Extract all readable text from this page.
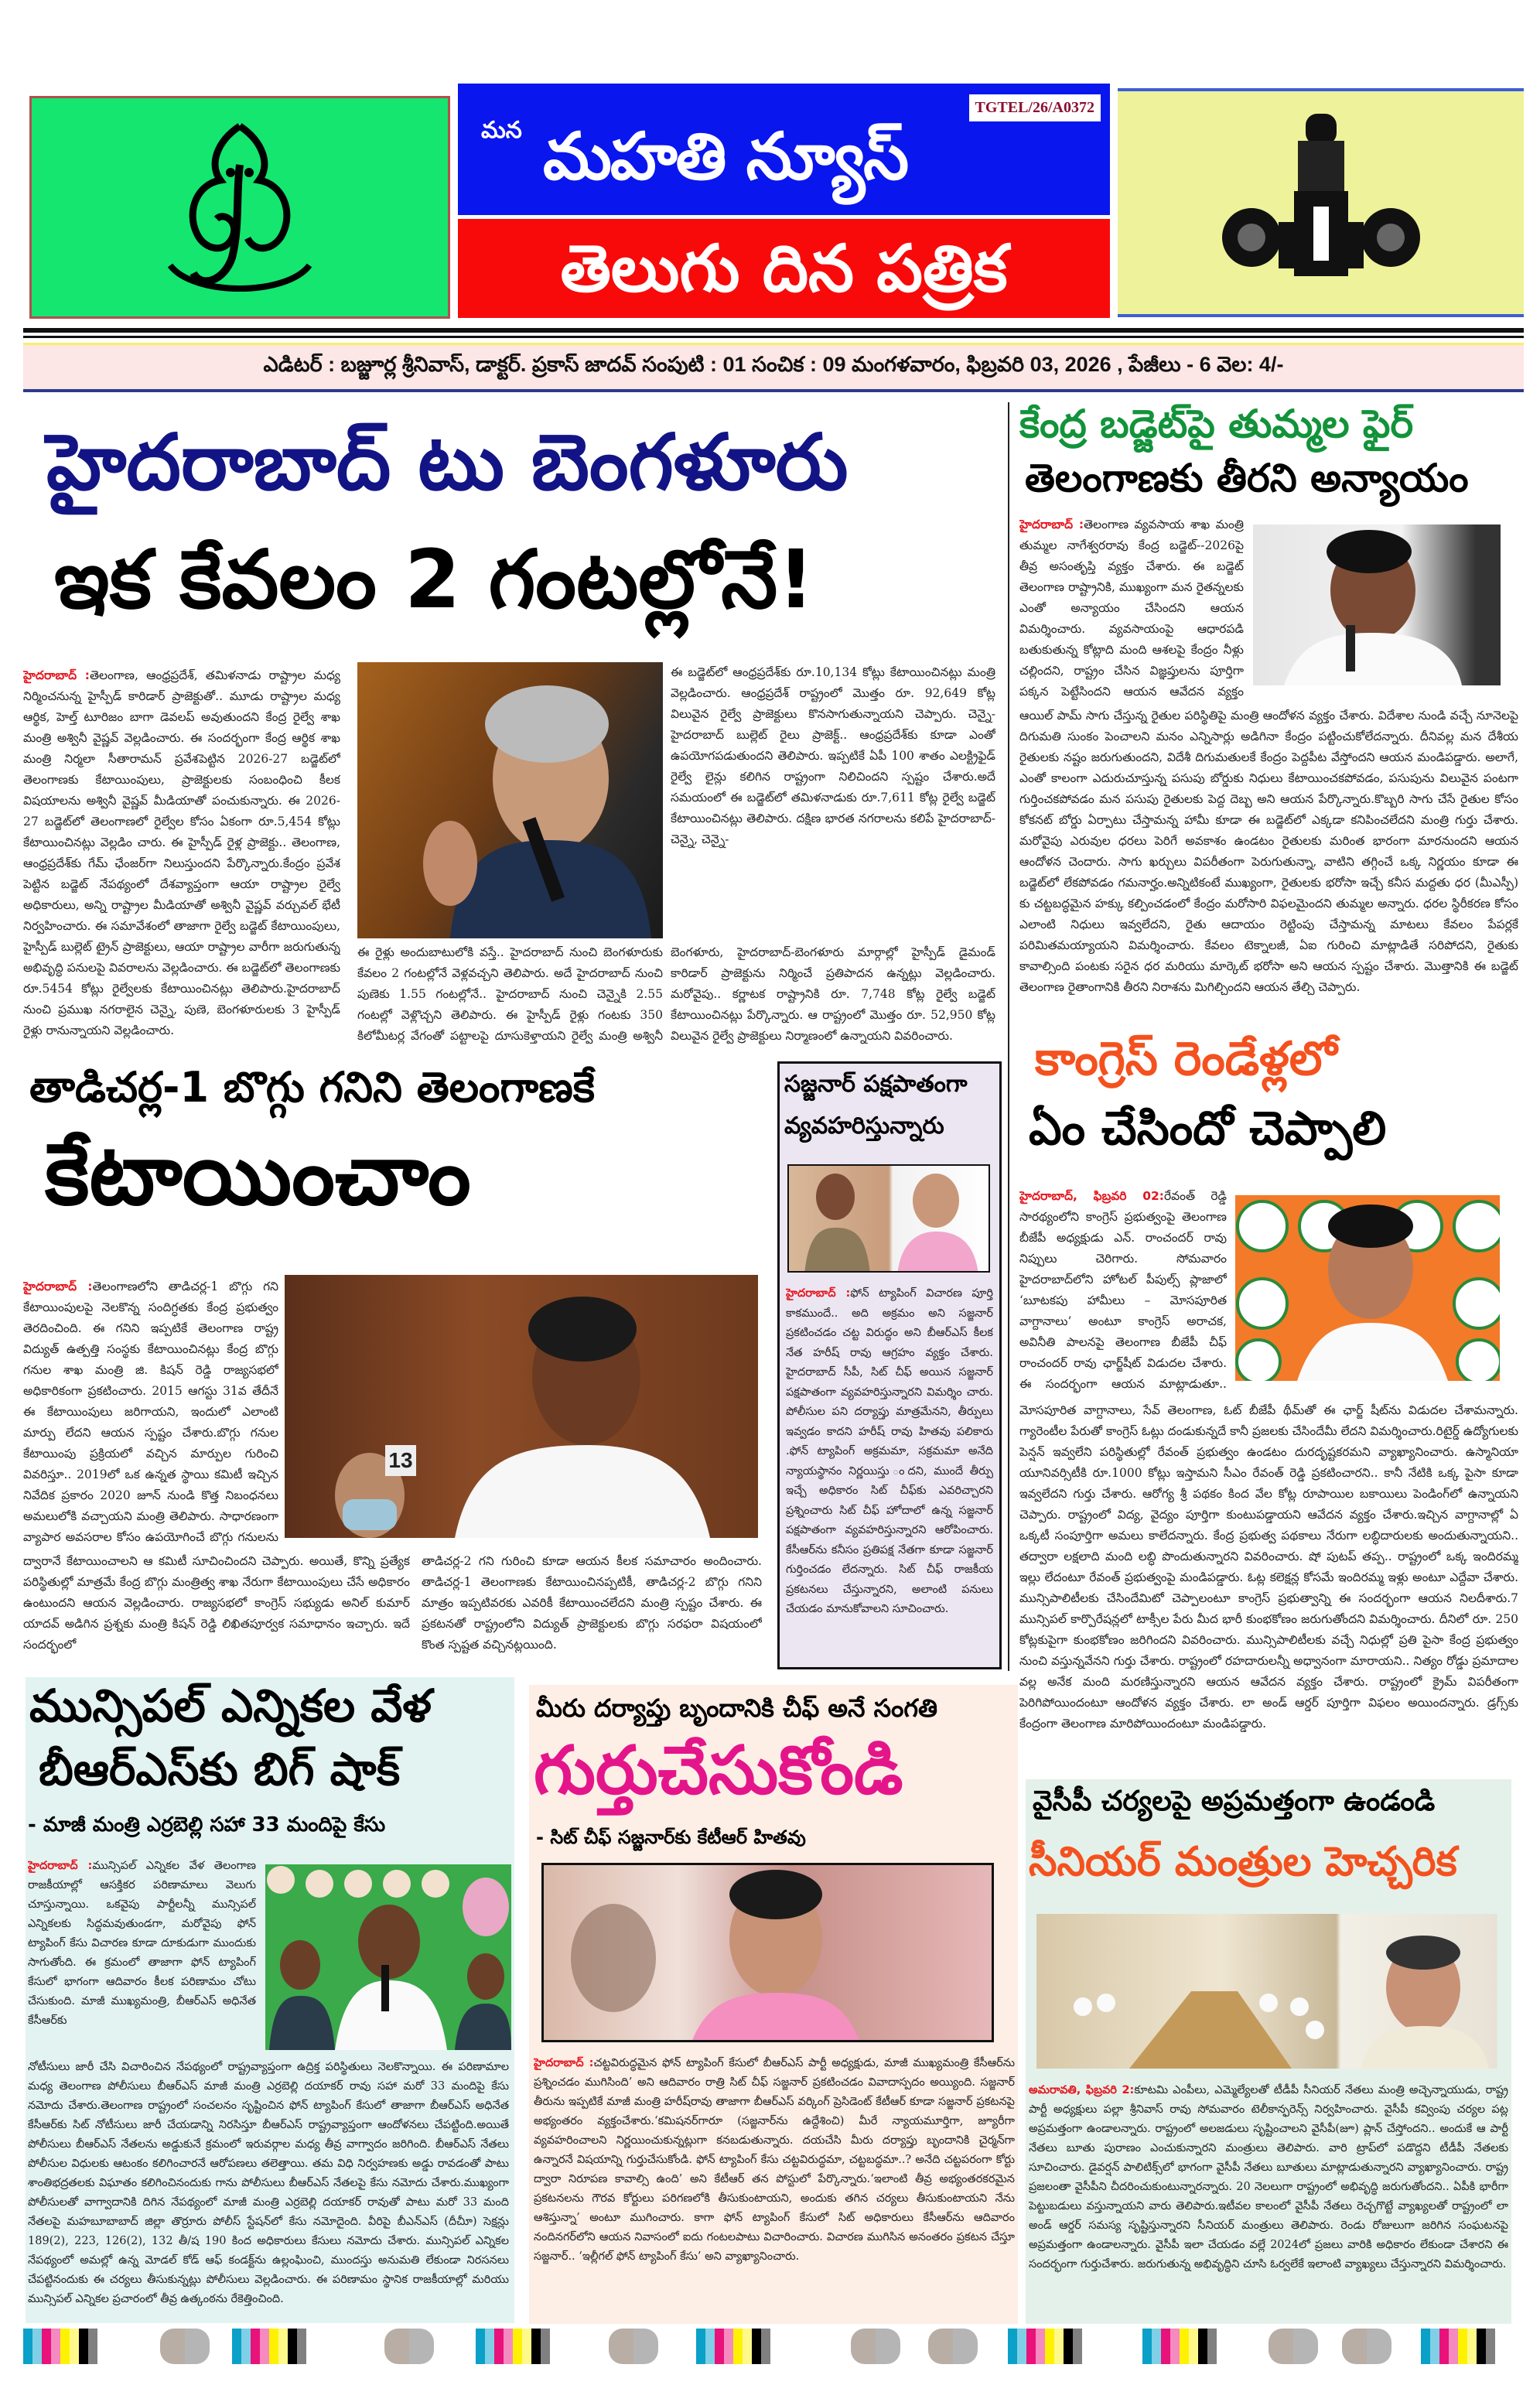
TGTEL/26/A0372
మన మహతి న్యూస్
తెలుగు దిన పత్రిక
ఎడిటర్ : బజ్జూర్ల శ్రీనివాస్, డాక్టర్. ప్రకాస్ జాదవ్ సంపుటి : 01 సంచిక : 09 మంగళవారం, ఫిబ్రవరి 03, 2026 , పేజీలు - 6 వెల: 4/-
హైదరాబాద్ టు బెంగళూరు
ఇక కేవలం 2 గంటల్లోనే!
హైదరాబాద్ :తెలంగాణ, ఆంధ్రప్రదేశ్, తమిళనాడు రాష్ట్రాల మధ్య నిర్మించనున్న హైస్పీడ్ కారిడార్ ప్రాజెక్టుతో.. మూడు రాష్ట్రాల మధ్య ఆర్థిక, హెల్త్ టూరిజం బాగా డెవలప్ అవుతుందని కేంద్ర రైల్వే శాఖ మంత్రి అశ్వినీ వైష్ణవ్ వెల్లడించారు. ఈ సందర్భంగా కేంద్ర ఆర్థిక శాఖ మంత్రి నిర్మలా సీతారామన్ ప్రవేశపెట్టిన 2026-27 బడ్జెట్‌లో తెలంగాణకు కేటాయింపులు, ప్రాజెక్టులకు సంబంధించి కీలక విషయాలను అశ్వినీ వైష్ణవ్ మీడియాతో పంచుకున్నారు. ఈ 2026-27 బడ్జెట్‌లో తెలంగాణలో రైల్వేల కోసం ఏకంగా రూ.5,454 కోట్లు కేటాయించినట్లు వెల్లడిం చారు. ఈ హైస్పీడ్ రైళ్ల ప్రాజెక్టు.. తెలంగాణ, ఆంధ్రప్రదేశ్‌కు గేమ్ ఛేంజర్‌గా నిలుస్తుందని పేర్కొన్నారు.కేంద్రం ప్రవేశ పెట్టిన బడ్జెట్ నేపథ్యంలో దేశవ్యాప్తంగా ఆయా రాష్ట్రాల రైల్వే అధికారులు, అన్ని రాష్ట్రాల మీడియాతో అశ్వినీ వైష్ణవ్ వర్చువల్ భేటీ నిర్వహించారు. ఈ సమావేశంలో తాజాగా రైల్వే బడ్జెట్ కేటాయింపులు, హైస్పీడ్ బుల్లెట్ ట్రైన్ ప్రాజెక్టులు, ఆయా రాష్ట్రాల వారీగా జరుగుతున్న అభివృద్ధి పనులపై వివరాలను వెల్లడించారు. ఈ బడ్జెట్‌లో తెలంగాణకు రూ.5454 కోట్లు రైల్వేలకు కేటాయించినట్లు తెలిపారు.హైదరాబాద్ నుంచి ప్రముఖ నగరాలైన చెన్నై, పుణె, బెంగళూరులకు 3 హైస్పీడ్ రైళ్లు రానున్నాయని వెల్లడించారు.
ఈ రైళ్లు అందుబాటులోకి వస్తే.. హైదరాబాద్ నుంచి బెంగళూరుకు కేవలం 2 గంటల్లోనే వెళ్లవచ్చని తెలిపారు. అదే హైదరాబాద్ నుంచి పుణెకు 1.55 గంటల్లోనే.. హైదరాబాద్ నుంచి చెన్నైకి 2.55 గంటల్లో వెళ్లొచ్చని తెలిపారు. ఈ హైస్పీడ్ రైళ్లు గంటకు 350 కిలోమీటర్ల వేగంతో పట్టాలపై దూసుకెళ్తాయని రైల్వే మంత్రి అశ్వినీ
ఈ బడ్జెట్‌లో ఆంధ్రప్రదేశ్‌కు రూ.10,134 కోట్లు కేటాయించినట్లు మంత్రి వెల్లడించారు. ఆంధ్రప్రదేశ్ రాష్ట్రంలో మొత్తం రూ. 92,649 కోట్ల విలువైన రైల్వే ప్రాజెక్టులు కొనసాగుతున్నాయని చెప్పారు. చెన్నై-హైదరాబాద్ బుల్లెట్ రైలు ప్రాజెక్ట్.. ఆంధ్రప్రదేశ్‌కు కూడా ఎంతో ఉపయోగపడుతుందని తెలిపారు. ఇప్పటికే ఏపీ 100 శాతం ఎలక్ట్రిఫైడ్ రైల్వే లైన్లు కలిగిన రాష్ట్రంగా నిలిచిందని స్పష్టం చేశారు.అదే సమయంలో ఈ బడ్జెట్‌లో తమిళనాడుకు రూ.7,611 కోట్ల రైల్వే బడ్జెట్ కేటాయించినట్లు తెలిపారు. దక్షిణ భారత నగరాలను కలిపే హైదరాబాద్-చెన్నై, చెన్నై-
బెంగళూరు, హైదరాబాద్-బెంగళూరు మార్గాల్లో హైస్పీడ్ డైమండ్ కారిడార్ ప్రాజెక్టును నిర్మించే ప్రతిపాదన ఉన్నట్లు వెల్లడించారు. మరోవైపు.. కర్ణాటక రాష్ట్రానికి రూ. 7,748 కోట్ల రైల్వే బడ్జెట్ కేటాయించినట్లు పేర్కొన్నారు. ఆ రాష్ట్రంలో మొత్తం రూ. 52,950 కోట్ల విలువైన రైల్వే ప్రాజెక్టులు నిర్మాణంలో ఉన్నాయని వివరించారు.
కేంద్ర బడ్జెట్‌పై తుమ్మల ఫైర్
తెలంగాణకు తీరని అన్యాయం
హైదరాబాద్ :తెలంగాణ వ్యవసాయ శాఖ మంత్రి తుమ్మల నాగేశ్వరరావు కేంద్ర బడ్జెట్--2026పై తీవ్ర అసంతృప్తి వ్యక్తం చేశారు. ఈ బడ్జెట్ తెలంగాణ రాష్ట్రానికి, ముఖ్యంగా మన రైతన్నలకు ఎంతో అన్యాయం చేసిందని ఆయన విమర్శించారు. వ్యవసాయంపై ఆధారపడి బతుకుతున్న కోట్లాది మంది ఆశలపై కేంద్రం నీళ్లు చల్లిందని, రాష్ట్రం చేసిన విజ్ఞప్తులను పూర్తిగా పక్కన పెట్టేసిందని ఆయన ఆవేదన వ్యక్తం
ఆయిల్ పామ్ సాగు చేస్తున్న రైతుల పరిస్థితిపై మంత్రి ఆందోళన వ్యక్తం చేశారు. విదేశాల నుండి వచ్చే నూనెలపై దిగుమతి సుంకం పెంచాలని మనం ఎన్నిసార్లు అడిగినా కేంద్రం పట్టించుకోలేదన్నారు. దీనివల్ల మన దేశీయ రైతులకు నష్టం జరుగుతుందని, విదేశీ దిగుమతులకే కేంద్రం పెద్దపీట వేస్తోందని ఆయన మండిపడ్డారు. అలాగే, ఎంతో కాలంగా ఎదురుచూస్తున్న పసుపు బోర్డుకు నిధులు కేటాయించకపోవడం, పసుపును విలువైన పంటగా గుర్తించకపోవడం మన పసుపు రైతులకు పెద్ద దెబ్బ అని ఆయన పేర్కొన్నారు.కొబ్బరి సాగు చేసే రైతుల కోసం కోకనట్ బోర్డు ఏర్పాటు చేస్తామన్న హామీ కూడా ఈ బడ్జెట్‌లో ఎక్కడా కనిపించలేదని మంత్రి గుర్తు చేశారు. మరోవైపు ఎరువుల ధరలు పెరిగే అవకాశం ఉండటం రైతులకు మరింత భారంగా మారనుందని ఆయన ఆందోళన చెందారు. సాగు ఖర్చులు విపరీతంగా పెరుగుతున్నా, వాటిని తగ్గించే ఒక్క నిర్ణయం కూడా ఈ బడ్జెట్‌లో లేకపోవడం గమనార్హం.అన్నిటికంటే ముఖ్యంగా, రైతులకు భరోసా ఇచ్చే కనీస మద్దతు ధర (మీఎస్పీ) కు చట్టబద్ధమైన హక్కు కల్పించడంలో కేంద్రం మరోసారి విఫలమైందని తుమ్మల అన్నారు. ధరల స్థిరీకరణ కోసం ఎలాంటి నిధులు ఇవ్వలేదని, రైతు ఆదాయం రెట్టింపు చేస్తామన్న మాటలు కేవలం పేపర్లకే పరిమితమయ్యాయని విమర్శించారు. కేవలం టెక్నాలజీ, ఏఐ గురించి మాట్లాడితే సరిపోదని, రైతుకు కావాల్సింది పంటకు సరైన ధర మరియు మార్కెట్ భరోసా అని ఆయన స్పష్టం చేశారు. మొత్తానికి ఈ బడ్జెట్ తెలంగాణ రైతాంగానికి తీరని నిరాశను మిగిల్చిందని ఆయన తేల్చి చెప్పారు.
తాడిచర్ల-1 బొగ్గు గనిని తెలంగాణకే
కేటాయించాం
హైదరాబాద్ :తెలంగాణలోని తాడిచర్ల-1 బొగ్గు గని కేటాయింపులపై నెలకొన్న సందిగ్ధతకు కేంద్ర ప్రభుత్వం తెరదించింది. ఈ గనిని ఇప్పటికే తెలంగాణ రాష్ట్ర విద్యుత్ ఉత్పత్తి సంస్థకు కేటాయించినట్లు కేంద్ర బొగ్గు గనుల శాఖ మంత్రి జి. కిషన్ రెడ్డి రాజ్యసభలో అధికారికంగా ప్రకటించారు. 2015 ఆగస్టు 31వ తేదీనే ఈ కేటాయింపులు జరిగాయని, ఇందులో ఎలాంటి మార్పు లేదని ఆయన స్పష్టం చేశారు.బొగ్గు గనుల కేటాయింపు ప్రక్రియలో వచ్చిన మార్పుల గురించి వివరిస్తూ.. 2019లో ఒక ఉన్నత స్థాయి కమిటీ ఇచ్చిన నివేదిక ప్రకారం 2020 జూన్ నుండి కొత్త నిబంధనలు అమలులోకి వచ్చాయని మంత్రి తెలిపారు. సాధారణంగా వ్యాపార అవసరాల కోసం ఉపయోగించే బొగ్గు గనులను
13
ద్వారానే కేటాయించాలని ఆ కమిటీ సూచించిందని చెప్పారు. అయితే, కొన్ని ప్రత్యేక పరిస్థితుల్లో మాత్రమే కేంద్ర బొగ్గు మంత్రిత్వ శాఖ నేరుగా కేటాయింపులు చేసే అధికారం ఉంటుందని ఆయన వెల్లడించారు. రాజ్యసభలో కాంగ్రెస్ సభ్యుడు అనిల్ కుమార్ యాదవ్ అడిగిన ప్రశ్నకు మంత్రి కిషన్ రెడ్డి లిఖితపూర్వక సమాధానం ఇచ్చారు. ఇదే సందర్భంలో
తాడిచర్ల-2 గని గురించి కూడా ఆయన కీలక సమాచారం అందించారు. తాడిచర్ల-1 తెలంగాణకు కేటాయించినప్పటికీ, తాడిచర్ల-2 బొగ్గు గనిని మాత్రం ఇప్పటివరకు ఎవరికీ కేటాయించలేదని మంత్రి స్పష్టం చేశారు. ఈ ప్రకటనతో రాష్ట్రంలోని విద్యుత్ ప్రాజెక్టులకు బొగ్గు సరఫరా విషయంలో కొంత స్పష్టత వచ్చినట్లయింది.
సజ్జనార్ పక్షపాతంగా
వ్యవహరిస్తున్నారు
హైదరాబాద్ :ఫోన్ ట్యాపింగ్ విచారణ పూర్తి కాకముందే.. అది అక్రమం అని సజ్జనార్ ప్రకటించడం చట్ట విరుద్ధం అని బీఆర్ఎస్ కీలక నేత హరీష్ రావు ఆగ్రహం వ్యక్తం చేశారు. హైదరాబాద్ సీపీ, సిట్ చీఫ్ అయిన సజ్జనార్ పక్షపాతంగా వ్యవహరిస్తున్నారని విమర్శిం చారు. పోలీసుల పని దర్యాప్తు మాత్రమేనని, తీర్పులు ఇవ్వడం కాదని హరీష్ రావు హితవు పలికారు .ఫోన్ ట్యాపింగ్ అక్రమమా, సక్రమమా అనేది న్యాయస్థానం నిర్ణయిస్తు ందని, ముందే తీర్పు ఇచ్చే అధికారం సిట్ చీఫ్‌కు ఎవరిచ్చారని ప్రశ్నించారు సిట్ చీఫ్ హోదాలో ఉన్న సజ్జనార్ పక్షపాతంగా వ్యవహరిస్తున్నారని ఆరోపించారు. కేసీఆర్‌ను కనీసం ప్రతిపక్ష నేతగా కూడా సజ్జనార్ గుర్తించడం లేదన్నారు. సిట్ చీఫ్ రాజకీయ ప్రకటనలు చేస్తున్నారని, అలాంటి పనులు చేయడం మానుకోవాలని సూచించారు.
కాంగ్రెస్ రెండేళ్లలో
ఏం చేసిందో చెప్పాలి
హైదరాబాద్, ఫిబ్రవరి 02:రేవంత్ రెడ్డి సారథ్యంలోని కాంగ్రెస్ ప్రభుత్వంపై తెలంగాణ బీజేపీ అధ్యక్షుడు ఎన్. రాంచందర్ రావు నిప్పులు చెరిగారు. సోమవారం హైదరాబాద్‌లోని హోటల్ పీపుల్స్ ప్లాజాలో ‘బూటకపు హామీలు – మోసపూరిత వాగ్దానాలు’ అంటూ కాంగ్రెస్ అరాచక, అవినీతి పాలనపై తెలంగాణ బీజేపీ చీఫ్ రాంచందర్ రావు ఛార్జ్‌షీట్ విడుదల చేశారు. ఈ సందర్భంగా ఆయన మాట్లాడుతూ..
మోసపూరిత వాగ్దానాలు, సేవ్ తెలంగాణ, ఓట్ బీజేపీ థీమ్‌తో ఈ ఛార్జ్ షీట్‌ను విడుదల చేశామన్నారు. గ్యారెంటీల పేరుతో కాంగ్రెస్ ఓట్లు దండుకున్నదే కానీ ప్రజలకు చేసిందేమీ లేదని విమర్శించారు.రిటైర్డ్ ఉద్యోగులకు పెన్షన్ ఇవ్వలేని పరిస్థితుల్లో రేవంత్ ప్రభుత్వం ఉండటం దురదృష్టకరమని వ్యాఖ్యానించారు. ఉస్మానియా యూనివర్సిటీకి రూ.1000 కోట్లు ఇస్తామని సీఎం రేవంత్ రెడ్డి ప్రకటించారని.. కానీ నేటికి ఒక్క పైసా కూడా ఇవ్వలేదని గుర్తు చేశారు. ఆరోగ్య శ్రీ పథకం కింద వేల కోట్ల రూపాయిల బకాయిలు పెండింగ్‌లో ఉన్నాయని చెప్పారు. రాష్ట్రంలో విద్య, వైద్యం పూర్తిగా కుంటుపడ్డాయని ఆవేదన వ్యక్తం చేశారు.ఇచ్చిన వాగ్దానాల్లో ఏ ఒక్కటీ సంపూర్తిగా అమలు కాలేదన్నారు. కేంద్ర ప్రభుత్వ పథకాలు నేరుగా లబ్ధిదారులకు అందుతున్నాయని.. తద్వారా లక్షలాది మంది లబ్ధి పొందుతున్నారని వివరించారు. షో పుటప్ తప్ప.. రాష్ట్రంలో ఒక్క ఇందిరమ్మ ఇల్లు లేదంటూ రేవంత్ ప్రభుత్వంపై మండిపడ్డారు. ఓట్ల కలెక్షన్ల కోసమే ఇందిరమ్మ ఇళ్లు అంటూ ఎద్దేవా చేశారు. మున్సిపాలిటీలకు చేసిందేమిటో చెప్పాలంటూ కాంగ్రెస్ ప్రభుత్వాన్ని ఈ సందర్భంగా ఆయన నిలదీశారు.7 మున్సిపల్ కార్పొరేషన్లలో టాక్సీల పేరు మీద భారీ కుంభకోణం జరుగుతోందని విమర్శించారు. దీనిలో రూ. 250 కోట్లకుపైగా కుంభకోణం జరిగిందని వివరించారు. మున్సిపాలిటీలకు వచ్చే నిధుల్లో ప్రతి పైసా కేంద్ర ప్రభుత్వం నుంచి వస్తున్నవేనని గుర్తు చేశారు. రాష్ట్రంలో రహదారులన్నీ అధ్వానంగా మారాయని.. నిత్యం రోడ్డు ప్రమాదాల వల్ల అనేక మంది మరణిస్తున్నారని ఆయన ఆవేదన వ్యక్తం చేశారు. రాష్ట్రంలో క్రైమ్ విపరీతంగా పెరిగిపోయిందంటూ ఆందోళన వ్యక్తం చేశారు. లా అండ్ ఆర్డర్ పూర్తిగా విఫలం అయిందన్నారు. డ్రగ్స్‌కు కేంద్రంగా తెలంగాణ మారిపోయిందంటూ మండిపడ్డారు.
మున్సిపల్ ఎన్నికల వేళ
బీఆర్ఎస్‌కు బిగ్ షాక్
- మాజీ మంత్రి ఎర్రబెల్లి సహా 33 మందిపై కేసు
హైదరాబాద్ :మున్సిపల్ ఎన్నికల వేళ తెలంగాణ రాజకీయాల్లో ఆసక్తికర పరిణామాలు వెలుగు చూస్తున్నాయి. ఒకవైపు పార్టీలన్నీ మున్సిపల్ ఎన్నికలకు సిద్ధమవుతుండగా, మరోవైపు ఫోన్ ట్యాపింగ్ కేసు విచారణ కూడా దూకుడుగా ముందుకు సాగుతోంది. ఈ క్రమంలో తాజాగా ఫోన్ ట్యాపింగ్ కేసులో భాగంగా ఆదివారం కీలక పరిణామం చోటు చేసుకుంది. మాజీ ముఖ్యమంత్రి, బీఆర్ఎస్ అధినేత కేసీఆర్‌కు
నోటీసులు జారీ చేసి విచారించిన నేపథ్యంలో రాష్ట్రవ్యాప్తంగా ఉద్రిక్త పరిస్థితులు నెలకొన్నాయి. ఈ పరిణామాల మధ్య తెలంగాణ పోలీసులు బీఆర్ఎస్ మాజీ మంత్రి ఎర్రబెల్లి దయాకర్ రావు సహా మరో 33 మందిపై కేసు నమోదు చేశారు.తెలంగాణ రాష్ట్రంలో సంచలనం సృష్టించిన ఫోన్ ట్యాపింగ్ కేసులో తాజాగా బీఆర్ఎస్ అధినేత కేసీఆర్‌కు సిట్ నోటీసులు జారీ చేయడాన్ని నిరసిస్తూ బీఆర్ఎస్ రాష్ట్రవ్యాప్తంగా ఆందోళనలు చేపట్టింది.అయితే పోలీసులు బీఆర్ఎస్ నేతలను అడ్డుకునే క్రమంలో ఇరువర్గాల మధ్య తీవ్ర వాగ్వాదం జరిగింది. బీఆర్ఎస్ నేతలు పోలీసుల విధులకు ఆటంకం కలిగించారనే ఆరోపణలు తలెత్తాయి. తమ విధి నిర్వహణకు అడ్డు రావడంతో పాటు శాంతిభద్రతలకు విఘాతం కలిగించినందుకు గాను పోలీసులు బీఆర్ఎస్ నేతలపై కేసు నమోదు చేశారు.ముఖ్యంగా పోలీసులతో వాగ్వాదానికి దిగిన నేపథ్యంలో మాజీ మంత్రి ఎర్రబెల్లి దయాకర్ రావుతో పాటు మరో 33 మంది నేతలపై మహబూబాబాద్ జిల్లా తొర్రూరు పోలీస్ స్టేషన్‌లో కేసు నమోదైంది. వీరిపై బీఎన్ఎస్ (దీచీూ) సెక్షన్లు 189(2), 223, 126(2), 132 తీ/ష 190 కింద అధికారులు కేసులు నమోదు చేశారు. మున్సిపల్ ఎన్నికల నేపథ్యంలో అమల్లో ఉన్న మోడల్ కోడ్ ఆఫ్ కండక్ట్‌ను ఉల్లంఘించి, ముందస్తు అనుమతి లేకుండా నిరసనలు చేపట్టినందుకు ఈ చర్యలు తీసుకున్నట్లు పోలీసులు వెల్లడించారు. ఈ పరిణామం స్థానిక రాజకీయాల్లో మరియు మున్సిపల్ ఎన్నికల ప్రచారంలో తీవ్ర ఉత్కంఠను రేకెత్తించింది.
మీరు దర్యాప్తు బృందానికి చీఫ్ అనే సంగతి
గుర్తుచేసుకోండి
- సిట్ చీఫ్ సజ్జనార్‌కు కేటీఆర్ హితవు
హైదరాబాద్ :చట్టవిరుద్ధమైన ఫోన్ ట్యాపింగ్ కేసులో బీఆర్ఎస్ పార్టీ అధ్యక్షుడు, మాజీ ముఖ్యమంత్రి కేసీఆర్‌ను ప్రశ్నించడం ముగిసింది’ అని ఆదివారం రాత్రి సిట్ చీఫ్ సజ్జనార్ ప్రకటించడం వివాదాస్పదం అయ్యింది. సజ్జనార్ తీరును ఇప్పటికే మాజీ మంత్రి హరీష్‌రావు తాజాగా బీఆర్ఎస్ వర్కింగ్ ప్రెసిడెంట్ కేటీఆర్ కూడా సజ్జనార్ ప్రకటనపై అభ్యంతరం వ్యక్తంచేశారు.‘కమిషనర్‌గారూ (సజ్జనార్‌ను ఉద్దేశించి) మీరే న్యాయమూర్తిగా, జ్యూరీగా వ్యవహరించాలని నిర్ణయించుకున్నట్లుగా కనబడుతున్నారు. దయచేసి మీరు దర్యాప్తు బృందానికి చైర్మన్‌గా ఉన్నారనే విషయాన్ని గుర్తుచేసుకోండి. ఫోన్ ట్యాపింగ్ కేసు చట్టవిరుద్ధమా, చట్టబద్ధమా..? అనేది చట్టపరంగా కోర్టు ద్వారా నిరూపణ కావాల్సి ఉంది’ అని కేటీఆర్ తన పోస్టులో పేర్కొన్నారు.‘ఇలాంటి తీవ్ర అభ్యంతరకరమైన ప్రకటనలను గౌరవ కోర్టులు పరిగణలోకి తీసుకుంటాయని, అందుకు తగిన చర్యలు తీసుకుంటాయని నేను ఆశిస్తున్నా’ అంటూ ముగించారు. కాగా ఫోన్ ట్యాపింగ్ కేసులో సిట్ అధికారులు కేసీఆర్‌ను ఆదివారం నందినగర్‌లోని ఆయన నివాసంలో ఐదు గంటలపాటు విచారించారు. విచారణ ముగిసిన అనంతరం ప్రకటన చేస్తూ సజ్జనార్.. ‘ఇల్లీగల్ ఫోన్ ట్యాపింగ్ కేసు’ అని వ్యాఖ్యానించారు.
వైసీపీ చర్యలపై అప్రమత్తంగా ఉండండి
సీనియర్ మంత్రుల హెచ్చరిక
అమరావతి, ఫిబ్రవరి 2:కూటమి ఎంపీలు, ఎమ్మెల్యేలతో టీడీపీ సీనియర్ నేతలు మంత్రి అచ్చెన్నాయుడు, రాష్ట్ర పార్టీ అధ్యక్షులు పల్లా శ్రీనివాస్ రావు సోమవారం టెలీకాన్ఫరెన్స్ నిర్వహించారు. వైసీపీ కవ్వింపు చర్యల పట్ల అప్రమత్తంగా ఉండాలన్నారు. రాష్ట్రంలో అలజడులు సృష్టించాలని వైసీపీ(జూ) ప్లాన్ చేస్తోందని.. అందుకే ఆ పార్టీ నేతలు బూతు పురాణం ఎంచుకున్నారని మంత్రులు తెలిపారు. వారి ట్రాప్‌లో పడొద్దని టీడీపీ నేతలకు సూచించారు. డైవర్షన్ పాలిటిక్స్‌లో భాగంగా వైసీపీ నేతలు బూతులు మాట్లాడుతున్నారని వ్యాఖ్యానించారు. రాష్ట్ర ప్రజలంతా వైసీపీని చీదరించుకుంటున్నారన్నారు. 20 నెలలుగా రాష్ట్రంలో అభివృద్ధి జరుగుతోందని.. ఏపీకి భారీగా పెట్టుబడులు వస్తున్నాయని వారు తెలిపారు.ఇటీవల కాలంలో వైసీపీ నేతలు రెచ్చగొట్టే వ్యాఖ్యలతో రాష్ట్రంలో లా అండ్ ఆర్డర్ సమస్య సృష్టిస్తున్నారని సీనియర్ మంత్రులు తెలిపారు. రెండు రోజులుగా జరిగిన సంఘటనపై అప్రమత్తంగా ఉండాలన్నారు. వైసీపీ ఇలా చేయడం వల్లే 2024లో ప్రజలు వారికి అధికారం లేకుండా చేశారని ఈ సందర్భంగా గుర్తుచేశారు. జరుగుతున్న అభివృద్ధిని చూసి ఓర్వలేకే ఇలాంటి వ్యాఖ్యలు చేస్తున్నారని విమర్శించారు.
